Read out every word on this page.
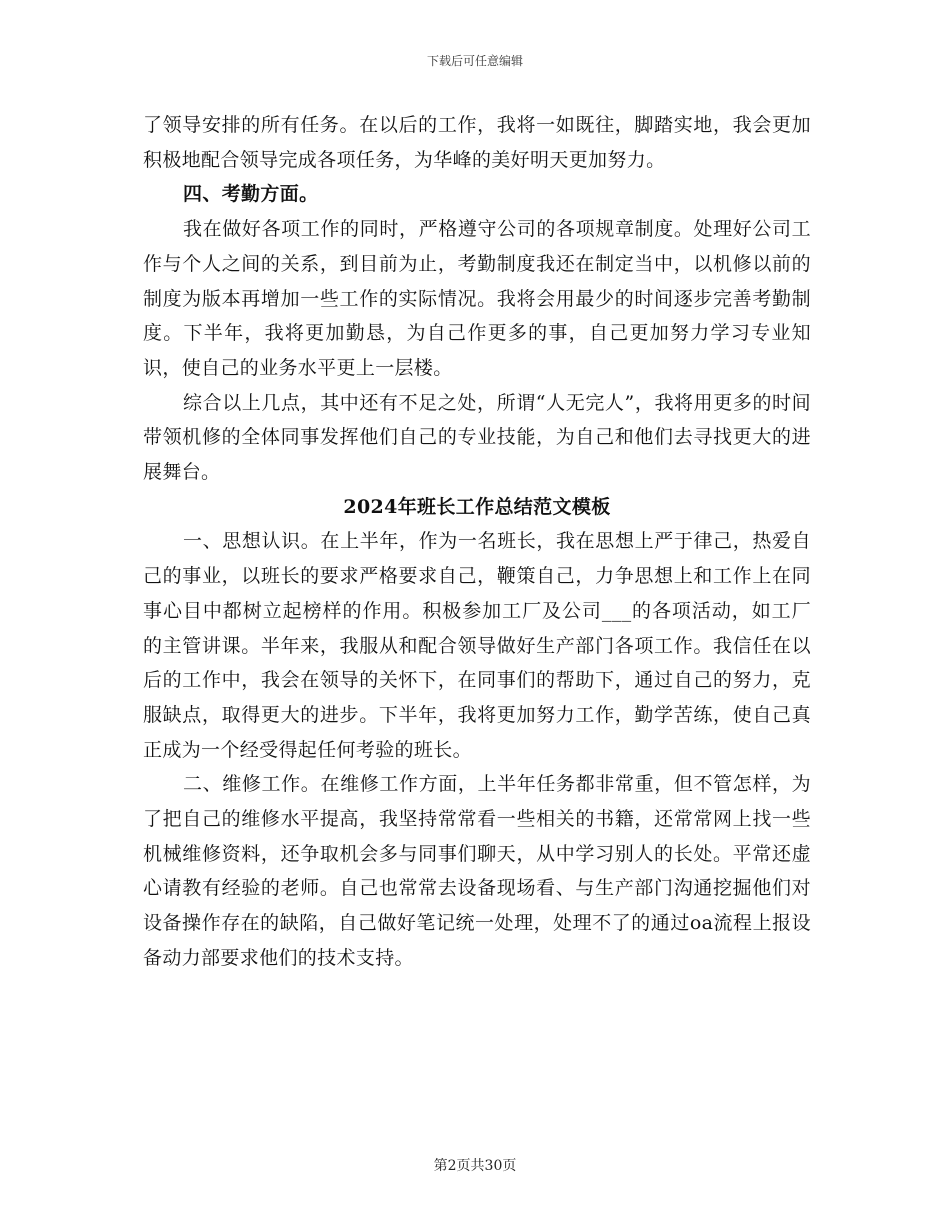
下载后可任意编辑

了领导安排的所有任务。在以后的工作，我将一如既往，脚踏实地，我会更加积极地配合领导完成各项任务，为华峰的美好明天更加努力。

四、考勤方面。

我在做好各项工作的同时，严格遵守公司的各项规章制度。处理好公司工作与个人之间的关系，到目前为止，考勤制度我还在制定当中，以机修以前的制度为版本再增加一些工作的实际情况。我将会用最少的时间逐步完善考勤制度。下半年，我将更加勤恳，为自己作更多的事，自己更加努力学习专业知识，使自己的业务水平更上一层楼。

综合以上几点，其中还有不足之处，所谓“人无完人”，我将用更多的时间带领机修的全体同事发挥他们自己的专业技能，为自己和他们去寻找更大的进展舞台。

2024年班长工作总结范文模板

一、思想认识。在上半年，作为一名班长，我在思想上严于律己，热爱自己的事业，以班长的要求严格要求自己，鞭策自己，力争思想上和工作上在同事心目中都树立起榜样的作用。积极参加工厂及公司___的各项活动，如工厂的主管讲课。半年来，我服从和配合领导做好生产部门各项工作。我信任在以后的工作中，我会在领导的关怀下，在同事们的帮助下，通过自己的努力，克服缺点，取得更大的进步。下半年，我将更加努力工作，勤学苦练，使自己真正成为一个经受得起任何考验的班长。

二、维修工作。在维修工作方面，上半年任务都非常重，但不管怎样，为了把自己的维修水平提高，我坚持常常看一些相关的书籍，还常常网上找一些机械维修资料，还争取机会多与同事们聊天，从中学习别人的长处。平常还虚心请教有经验的老师。自己也常常去设备现场看、与生产部门沟通挖掘他们对设备操作存在的缺陷，自己做好笔记统一处理，处理不了的通过oa流程上报设备动力部要求他们的技术支持。

第2页共30页
